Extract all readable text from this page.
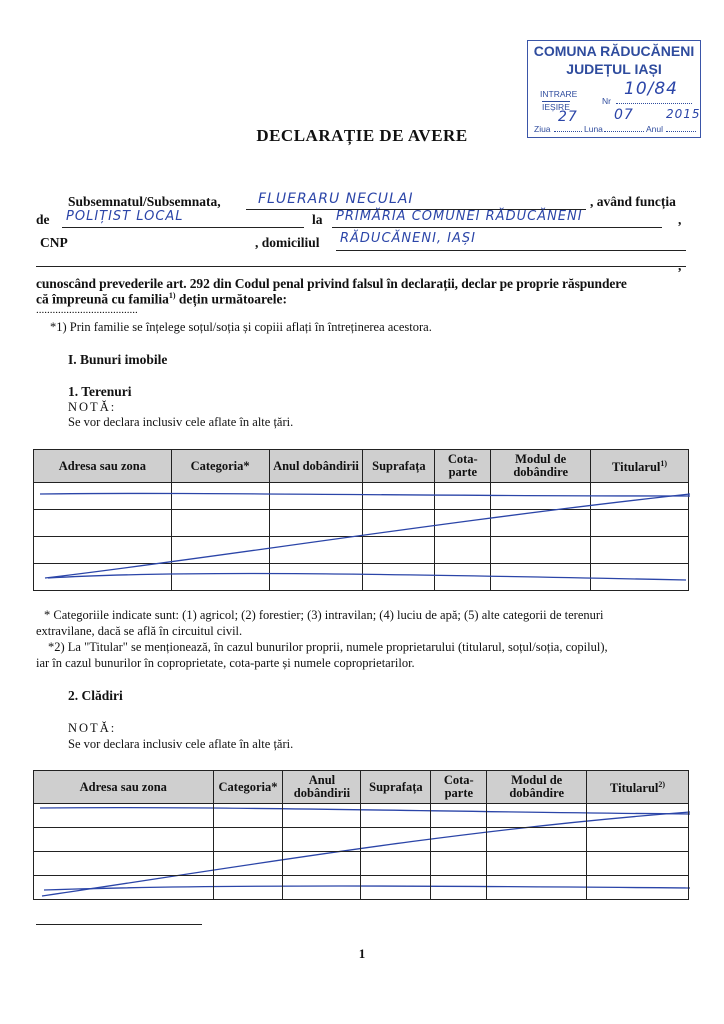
COMUNA RĂDUCĂNENI
JUDEȚUL IAȘI
INTRARE
IEȘIRE
Nr
10/84
Ziua
27
Luna
07
Anul
2015
DECLARAȚIE DE AVERE
Subsemnatul/Subsemnata,	FLUERARU NECULAI	, având funcția
de POLIȚIST LOCAL	la PRIMĂRIA COMUNEI RĂDUCĂNENI	,
CNP	, domiciliul RĂDUCĂNENI, IAȘI
,
cunoscând prevederile art. 292 din Codul penal privind falsul în declarații, declar pe proprie răspundere
că împreună cu familia$^{1)}$ dețin următoarele:
.....................................
*1) Prin familie se înțelege soțul/soția și copiii aflați în întreținerea acestora.
I. Bunuri imobile
1. Terenuri
NOTĂ:
Se vor declara inclusiv cele aflate în alte țări.
Adresa sau zona	Categoria*	Anul dobândirii	Suprafața	Cota-parte	Modul de dobândire	Titularul$^{1)}$

* Categoriile indicate sunt: (1) agricol; (2) forestier; (3) intravilan; (4) luciu de apă; (5) alte categorii de terenuri
extravilane, dacă se află în circuitul civil.
*2) La "Titular" se menționează, în cazul bunurilor proprii, numele proprietarului (titularul, soțul/soția, copilul),
iar în cazul bunurilor în coproprietate, cota-parte și numele coproprietarilor.
2. Clădiri
NOTĂ:
Se vor declara inclusiv cele aflate în alte țări.
Adresa sau zona	Categoria*	Anul dobândirii	Suprafața	Cota-parte	Modul de dobândire	Titularul$^{2)}$

1
